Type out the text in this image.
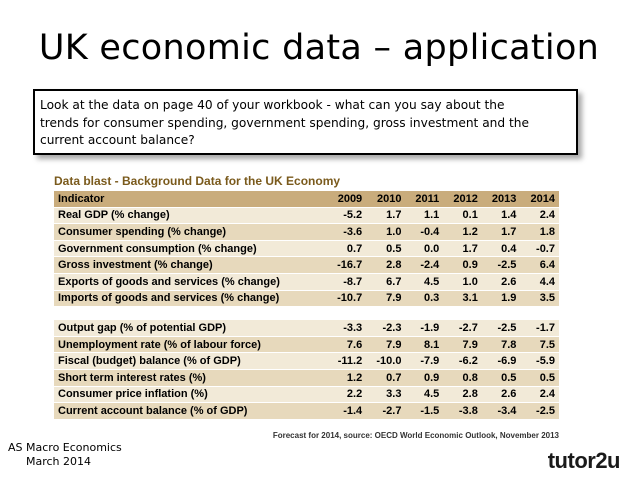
UK economic data – application
Look at the data on page 40 of your workbook - what can you say about the
trends for consumer spending, government spending, gross investment and the
current account balance?
Data blast - Background Data for the UK Economy
Indicator	2009	2010	2011	2012	2013	2014
Real GDP (% change)	-5.2	1.7	1.1	0.1	1.4	2.4
Consumer spending (% change)	-3.6	1.0	-0.4	1.2	1.7	1.8
Government consumption (% change)	0.7	0.5	0.0	1.7	0.4	-0.7
Gross investment (% change)	-16.7	2.8	-2.4	0.9	-2.5	6.4
Exports of goods and services (% change)	-8.7	6.7	4.5	1.0	2.6	4.4
Imports of goods and services (% change)	-10.7	7.9	0.3	3.1	1.9	3.5

Output gap (% of potential GDP)	-3.3	-2.3	-1.9	-2.7	-2.5	-1.7
Unemployment rate (% of labour force)	7.6	7.9	8.1	7.9	7.8	7.5
Fiscal (budget) balance (% of GDP)	-11.2	-10.0	-7.9	-6.2	-6.9	-5.9
Short term interest rates (%)	1.2	0.7	0.9	0.8	0.5	0.5
Consumer price inflation (%)	2.2	3.3	4.5	2.8	2.6	2.4
Current account balance (% of GDP)	-1.4	-2.7	-1.5	-3.8	-3.4	-2.5
Forecast for 2014, source: OECD World Economic Outlook, November 2013
AS Macro Economics
March 2014	tutor2u
